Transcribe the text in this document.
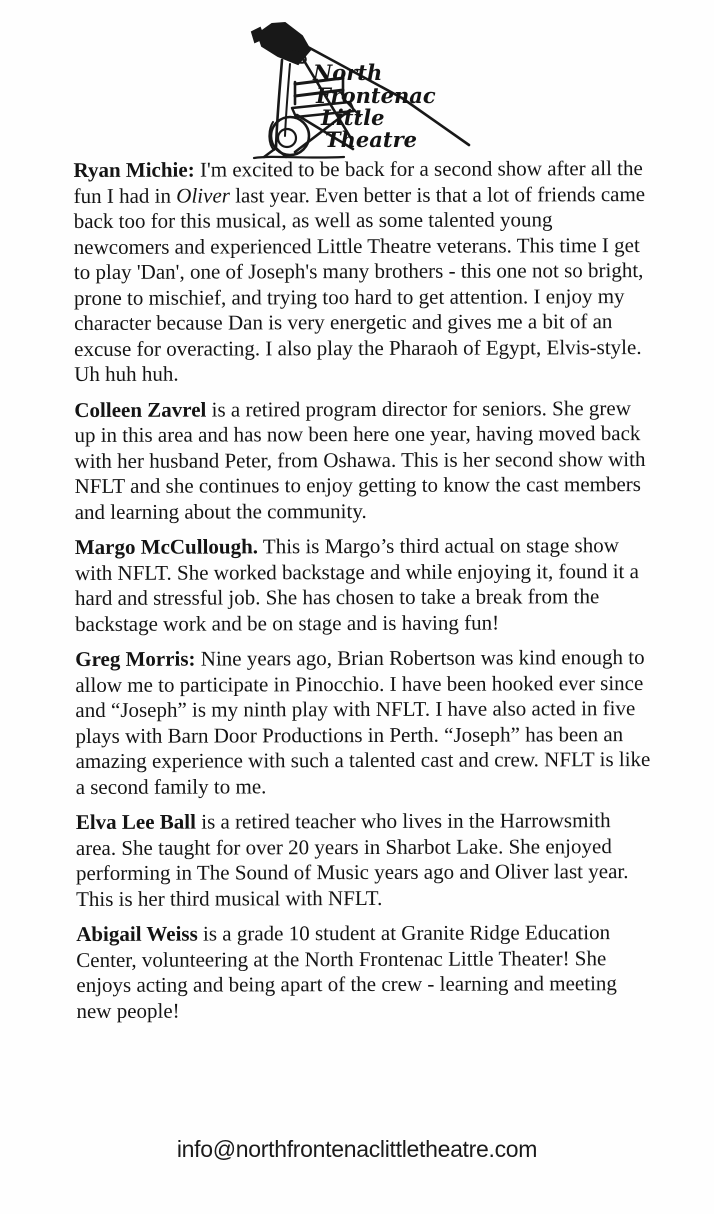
North
Frontenac
Little
Theatre

Ryan Michie: I'm excited to be back for a second show after all the fun I had in Oliver last year. Even better is that a lot of friends came back too for this musical, as well as some talented young newcomers and experienced Little Theatre veterans. This time I get to play 'Dan', one of Joseph's many brothers - this one not so bright, prone to mischief, and trying too hard to get attention. I enjoy my character because Dan is very energetic and gives me a bit of an excuse for overacting. I also play the Pharaoh of Egypt, Elvis-style. Uh huh huh.

Colleen Zavrel is a retired program director for seniors. She grew up in this area and has now been here one year, having moved back with her husband Peter, from Oshawa. This is her second show with NFLT and she continues to enjoy getting to know the cast members and learning about the community.

Margo McCullough. This is Margo’s third actual on stage show with NFLT. She worked backstage and while enjoying it, found it a hard and stressful job. She has chosen to take a break from the backstage work and be on stage and is having fun!

Greg Morris: Nine years ago, Brian Robertson was kind enough to allow me to participate in Pinocchio. I have been hooked ever since and “Joseph” is my ninth play with NFLT. I have also acted in five plays with Barn Door Productions in Perth. “Joseph” has been an amazing experience with such a talented cast and crew. NFLT is like a second family to me.

Elva Lee Ball is a retired teacher who lives in the Harrowsmith area. She taught for over 20 years in Sharbot Lake. She enjoyed performing in The Sound of Music years ago and Oliver last year. This is her third musical with NFLT.

Abigail Weiss is a grade 10 student at Granite Ridge Education Center, volunteering at the North Frontenac Little Theater! She enjoys acting and being apart of the crew - learning and meeting new people!

info@northfrontenaclittletheatre.com
